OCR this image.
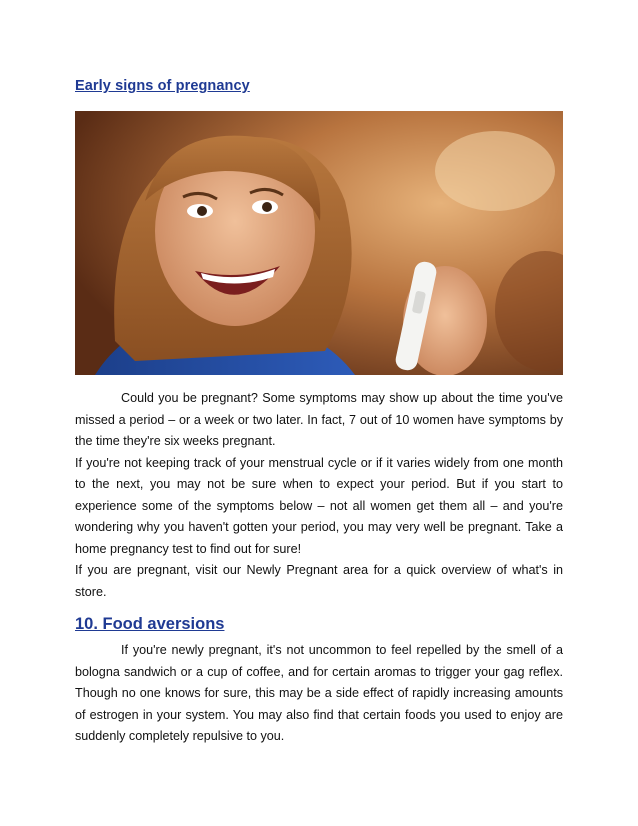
Early signs of pregnancy

Could you be pregnant? Some symptoms may show up about the time you've missed a period – or a week or two later. In fact, 7 out of 10 women have symptoms by the time they're six weeks pregnant.

If you're not keeping track of your menstrual cycle or if it varies widely from one month to the next, you may not be sure when to expect your period. But if you start to experience some of the symptoms below – not all women get them all – and you're wondering why you haven't gotten your period, you may very well be pregnant. Take a home pregnancy test to find out for sure!

If you are pregnant, visit our Newly Pregnant area for a quick overview of what's in store.

10. Food aversions

If you're newly pregnant, it's not uncommon to feel repelled by the smell of a bologna sandwich or a cup of coffee, and for certain aromas to trigger your gag reflex. Though no one knows for sure, this may be a side effect of rapidly increasing amounts of estrogen in your system. You may also find that certain foods you used to enjoy are suddenly completely repulsive to you.
